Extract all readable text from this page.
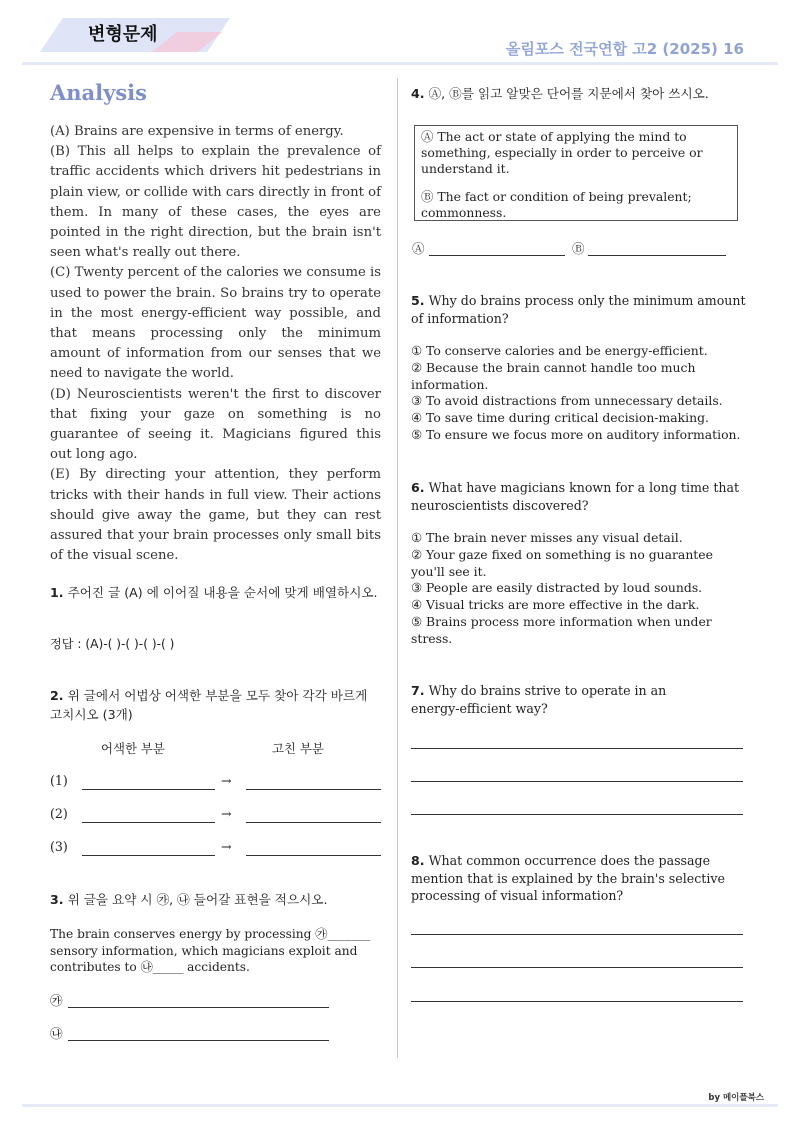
변형문제
올림포스 전국연합 고2 (2025) 16
Analysis

(A) Brains are expensive in terms of energy.

(B) This all helps to explain the prevalence of traffic accidents which drivers hit pedestrians in plain view, or collide with cars directly in front of them. In many of these cases, the eyes are pointed in the right direction, but the brain isn't seen what's really out there.

(C) Twenty percent of the calories we consume is used to power the brain. So brains try to operate in the most energy-efficient way possible, and that means processing only the minimum amount of information from our senses that we need to navigate the world.

(D) Neuroscientists weren't the first to discover that fixing your gaze on something is no guarantee of seeing it. Magicians figured this out long ago.

(E) By directing your attention, they perform tricks with their hands in full view. Their actions should give away the game, but they can rest assured that your brain processes only small bits of the visual scene.

1. 주어진 글 (A) 에 이어질 내용을 순서에 맞게 배열하시오.
정답 : (A)-( )-( )-( )-( )
2. 위 글에서 어법상 어색한 부분을 모두 찾아 각각 바르게 고치시오 (3개)
어색한 부분	고친 부분
(1)	→
(2)	→
(3)	→
3. 위 글을 요약 시 ㉮, ㉯ 들어갈 표현을 적으시오.
The brain conserves energy by processing ㉮_______
sensory information, which magicians exploit and
contributes to ㉯_____ accidents.
㉮
㉯
4. Ⓐ, Ⓑ를 읽고 알맞은 단어를 지문에서 찾아 쓰시오.

Ⓐ The act or state of applying the mind to something, especially in order to perceive or understand it.

Ⓑ The fact or condition of being prevalent; commonness.

Ⓐ	Ⓑ
5. Why do brains process only the minimum amount of information?
① To conserve calories and be energy-efficient.
② Because the brain cannot handle too much information.
③ To avoid distractions from unnecessary details.
④ To save time during critical decision-making.
⑤ To ensure we focus more on auditory information.
6. What have magicians known for a long time that neuroscientists discovered?
① The brain never misses any visual detail.
② Your gaze fixed on something is no guarantee you'll see it.
③ People are easily distracted by loud sounds.
④ Visual tricks are more effective in the dark.
⑤ Brains process more information when under stress.
7. Why do brains strive to operate in an energy-efficient way?
8. What common occurrence does the passage mention that is explained by the brain's selective processing of visual information?
by 메이플북스
